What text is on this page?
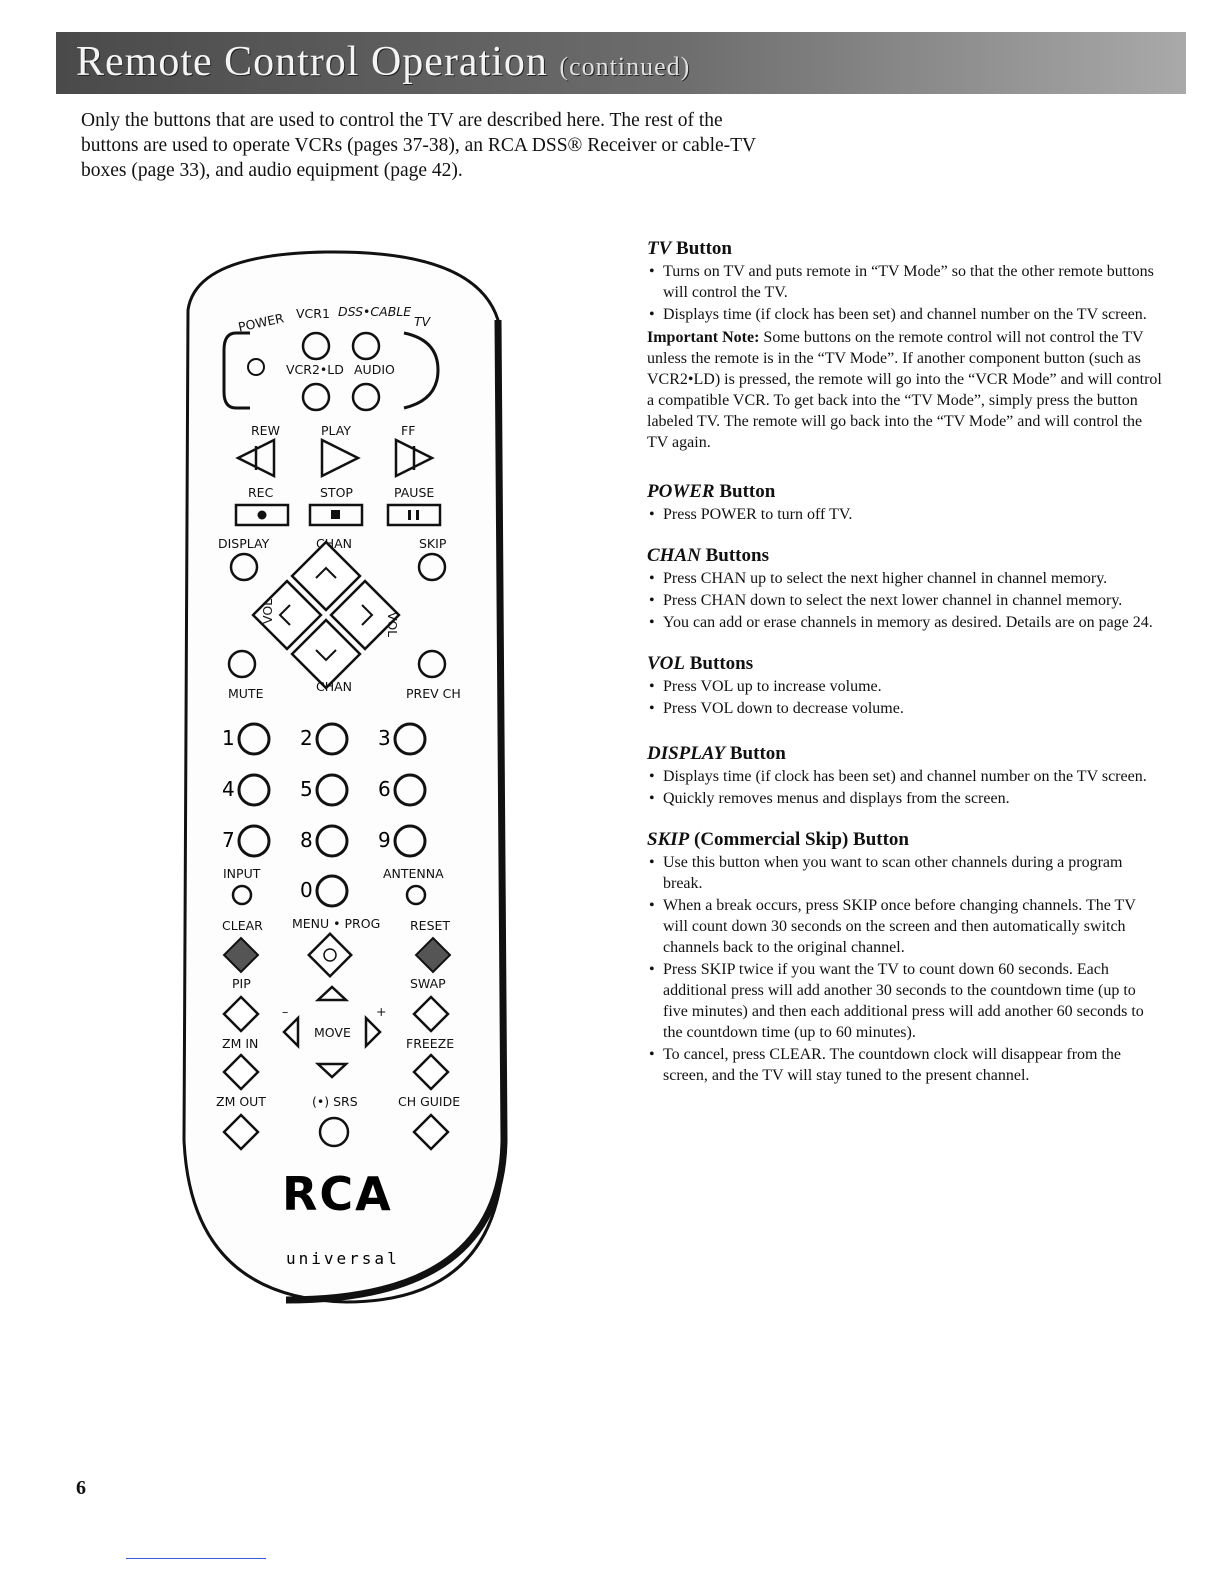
Remote Control Operation (continued)
Only the buttons that are used to control the TV are described here. The rest of the buttons are used to operate VCRs (pages 37-38), an RCA DSS® Receiver or cable-TV boxes (page 33), and audio equipment (page 42).
POWER VCR1 DSS•CABLE
TV
VCR2•LD AUDIO
REW	PLAY	FF
REC	STOP	PAUSE
DISPLAY	CHAN	SKIP
VOL
VOL
MUTE	CHAN	PREV CH
1	2	3
4	5	6
7	8	9
0
INPUT	ANTENNA
CLEAR	RESET
MENU • PROG
PIP	SWAP
–	+
MOVE
ZM IN	FREEZE
ZM OUT	(•) SRS	CH GUIDE
RCA
universal
TV Button
• Turns on TV and puts remote in “TV Mode” so that the other remote buttons will control the TV.
• Displays time (if clock has been set) and channel number on the TV screen.

Important Note: Some buttons on the remote control will not control the TV unless the remote is in the “TV Mode”. If another component button (such as VCR2•LD) is pressed, the remote will go into the “VCR Mode” and will control a compatible VCR. To get back into the “TV Mode”, simply press the button labeled TV. The remote will go back into the “TV Mode” and will control the TV again.

POWER Button
• Press POWER to turn off TV.
CHAN Buttons
• Press CHAN up to select the next higher channel in channel memory.
• Press CHAN down to select the next lower channel in channel memory.
• You can add or erase channels in memory as desired. Details are on page 24.
VOL Buttons
• Press VOL up to increase volume.
• Press VOL down to decrease volume.
DISPLAY Button
• Displays time (if clock has been set) and channel number on the TV screen.
• Quickly removes menus and displays from the screen.
SKIP (Commercial Skip) Button
• Use this button when you want to scan other channels during a program break.
• When a break occurs, press SKIP once before changing channels. The TV will count down 30 seconds on the screen and then automatically switch channels back to the original channel.
• Press SKIP twice if you want the TV to count down 60 seconds. Each additional press will add another 30 seconds to the countdown time (up to five minutes) and then each additional press will add another 60 seconds to the countdown time (up to 60 minutes).
• To cancel, press CLEAR. The countdown clock will disappear from the screen, and the TV will stay tuned to the present channel.
6
